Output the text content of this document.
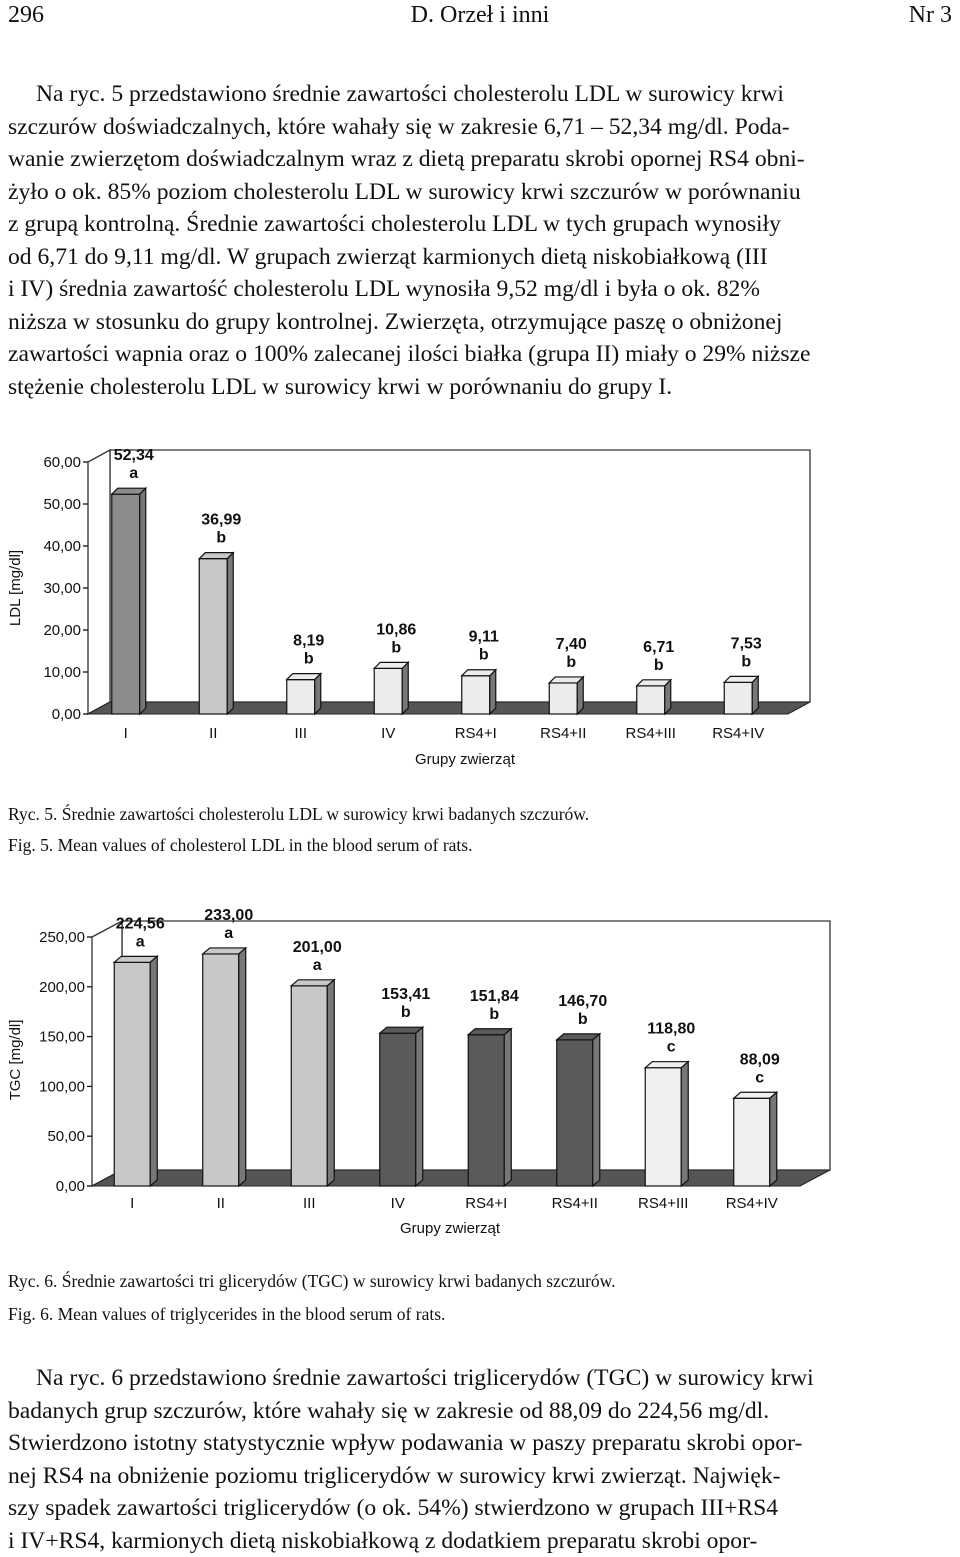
296	D. Orzeł i inni	Nr 3
Na ryc. 5 przedstawiono średnie zawartości cholesterolu LDL w surowicy krwi
szczurów doświadczalnych, które wahały się w zakresie 6,71 – 52,34 mg/dl. Poda-
wanie zwierzętom doświadczalnym wraz z dietą preparatu skrobi opornej RS4 obni-
żyło o ok. 85% poziom cholesterolu LDL w surowicy krwi szczurów w porównaniu
z grupą kontrolną. Średnie zawartości cholesterolu LDL w tych grupach wynosiły
od 6,71 do 9,11 mg/dl. W grupach zwierząt karmionych dietą niskobiałkową (III
i IV) średnia zawartość cholesterolu LDL wynosiła 9,52 mg/dl i była o ok. 82%
niższa w stosunku do grupy kontrolnej. Zwierzęta, otrzymujące paszę o obniżonej
zawartości wapnia oraz o 100% zalecanej ilości białka (grupa II) miały o 29% niższe
stężenie cholesterolu LDL w surowicy krwi w porównaniu do grupy I.
0,00
10,00
20,00
30,00
40,00
50,00
60,00
LDL [mg/dl]
52,34
a
I
36,99
b
II
8,19
b
III
10,86
b
IV
9,11
b
RS4+I
7,40
b
RS4+II
6,71
b
RS4+III
7,53
b
RS4+IV
Grupy zwierząt
Ryc. 5. Średnie zawartości cholesterolu LDL w surowicy krwi badanych szczurów.
Fig. 5. Mean values of cholesterol LDL in the blood serum of rats.
0,00
50,00
100,00
150,00
200,00
250,00
TGC [mg/dl]
224,56
a
I
233,00
a
II
201,00
a
III
153,41
b
IV
151,84
b
RS4+I
146,70
b
RS4+II
118,80
c
RS4+III
88,09
c
RS4+IV
Grupy zwierząt
Ryc. 6. Średnie zawartości tri glicerydów (TGC) w surowicy krwi badanych szczurów.
Fig. 6. Mean values of triglycerides in the blood serum of rats.
Na ryc. 6 przedstawiono średnie zawartości triglicerydów (TGC) w surowicy krwi
badanych grup szczurów, które wahały się w zakresie od 88,09 do 224,56 mg/dl.
Stwierdzono istotny statystycznie wpływ podawania w paszy preparatu skrobi opor-
nej RS4 na obniżenie poziomu triglicerydów w surowicy krwi zwierząt. Najwięk-
szy spadek zawartości triglicerydów (o ok. 54%) stwierdzono w grupach III+RS4
i IV+RS4, karmionych dietą niskobiałkową z dodatkiem preparatu skrobi opor-
